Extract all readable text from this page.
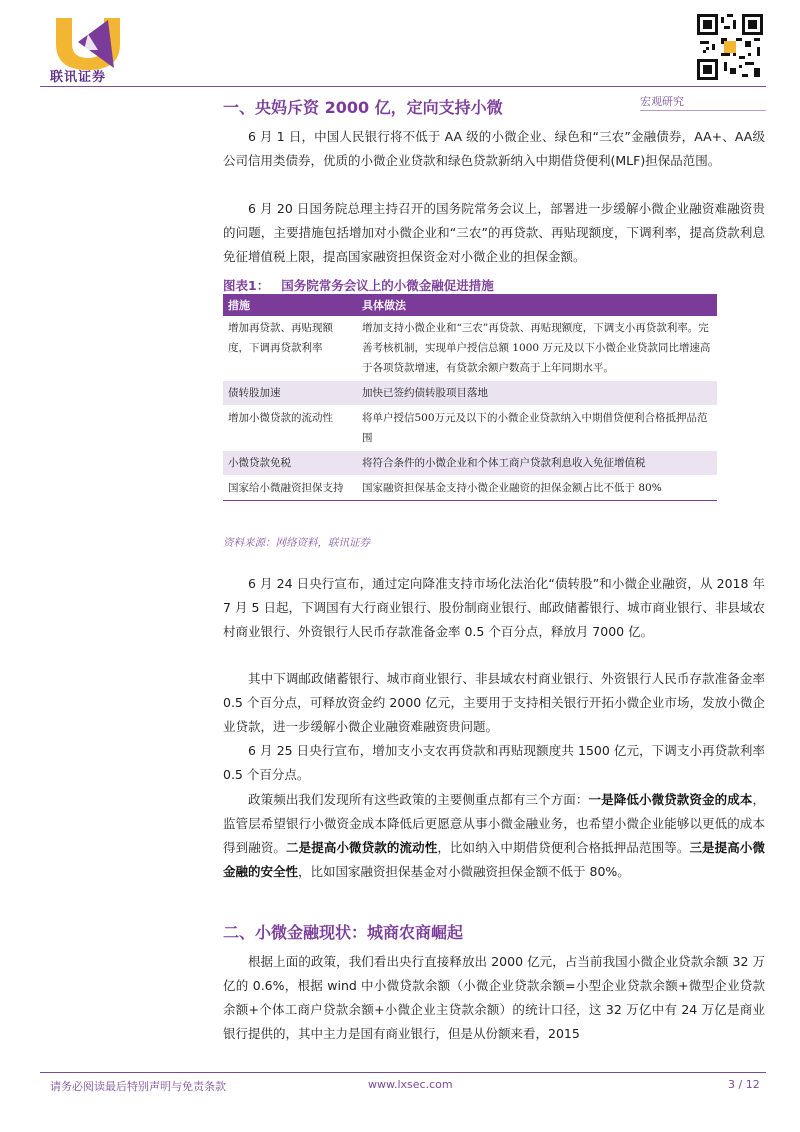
联讯证券
宏观研究
一、央妈斥资 2000 亿，定向支持小微

6 月 1 日，中国人民银行将不低于 AA 级的小微企业、绿色和“三农”金融债券，AA+、AA级公司信用类债券，优质的小微企业贷款和绿色贷款新纳入中期借贷便利(MLF)担保品范围。

6 月 20 日国务院总理主持召开的国务院常务会议上，部署进一步缓解小微企业融资难融资贵的问题，主要措施包括增加对小微企业和“三农”的再贷款、再贴现额度，下调利率，提高贷款利息免征增值税上限，提高国家融资担保资金对小微企业的担保金额。

图表1： 国务院常务会议上的小微金融促进措施
措施	具体做法
增加再贷款、再贴现额度，下调再贷款利率	增加支持小微企业和“三农”再贷款、再贴现额度，下调支小再贷款利率。完善考核机制，实现单户授信总额 1000 万元及以下小微企业贷款同比增速高于各项贷款增速，有贷款余额户数高于上年同期水平。
债转股加速	加快已签约债转股项目落地
增加小微贷款的流动性	将单户授信500万元及以下的小微企业贷款纳入中期借贷便利合格抵押品范围
小微贷款免税	将符合条件的小微企业和个体工商户贷款利息收入免征增值税
国家给小微融资担保支持	国家融资担保基金支持小微企业融资的担保金额占比不低于 80%
资料来源：网络资料，联讯证券

6 月 24 日央行宣布，通过定向降准支持市场化法治化“债转股”和小微企业融资，从 2018 年 7 月 5 日起，下调国有大行商业银行、股份制商业银行、邮政储蓄银行、城市商业银行、非县域农村商业银行、外资银行人民币存款准备金率 0.5 个百分点，释放月 7000 亿。

其中下调邮政储蓄银行、城市商业银行、非县域农村商业银行、外资银行人民币存款准备金率 0.5 个百分点，可释放资金约 2000 亿元，主要用于支持相关银行开拓小微企业市场，发放小微企业贷款，进一步缓解小微企业融资难融资贵问题。

6 月 25 日央行宣布，增加支小支农再贷款和再贴现额度共 1500 亿元，下调支小再贷款利率 0.5 个百分点。

政策频出我们发现所有这些政策的主要侧重点都有三个方面：一是降低小微贷款资金的成本，监管层希望银行小微资金成本降低后更愿意从事小微金融业务，也希望小微企业能够以更低的成本得到融资。二是提高小微贷款的流动性，比如纳入中期借贷便利合格抵押品范围等。三是提高小微金融的安全性，比如国家融资担保基金对小微融资担保金额不低于 80%。

二、小微金融现状：城商农商崛起

根据上面的政策，我们看出央行直接释放出 2000 亿元，占当前我国小微企业贷款余额 32 万亿的 0.6%，根据 wind 中小微贷款余额（小微企业贷款余额=小型企业贷款余额+微型企业贷款余额+个体工商户贷款余额+小微企业主贷款余额）的统计口径，这 32 万亿中有 24 万亿是商业银行提供的，其中主力是国有商业银行，但是从份额来看，2015

请务必阅读最后特别声明与免责条款	www.lxsec.com	3 / 12
